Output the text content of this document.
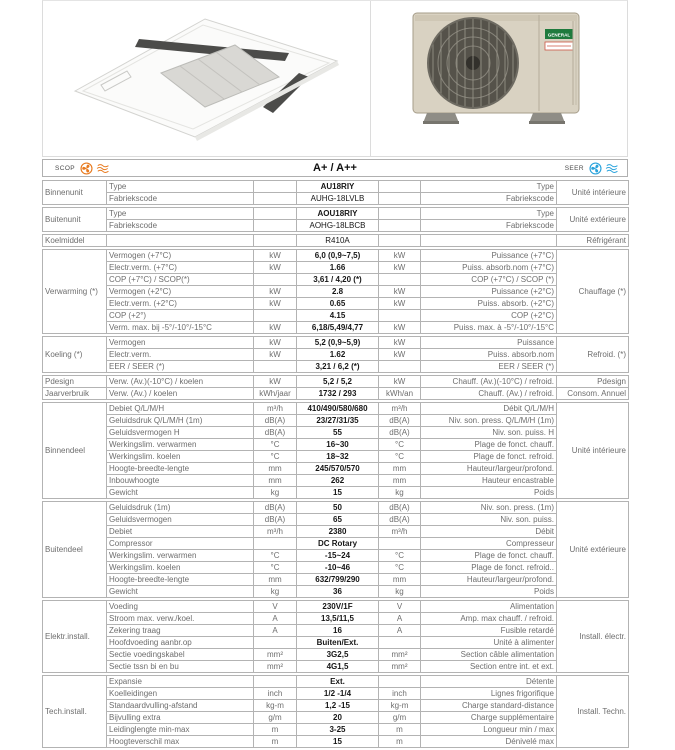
GENERAL
SCOP	A+ / A++	SEER
Binnenunit	Type		AU18RIY		Type	Unité intérieure
	Fabriekscode		AUHG-18LVLB		Fabriekscode	
Buitenunit	Type		AOU18RIY		Type	Unité extérieure
	Fabriekscode		AOHG-18LBCB		Fabriekscode	
Koelmiddel			R410A			Réfrigérant
Verwarming (*)	Vermogen (+7°C)	kW	6,0 (0,9~7,5)	kW	Puissance (+7°C)	Chauffage (*)
	Electr.verm. (+7°C)	kW	1.66	kW	Puiss. absorb.nom (+7°C)	
	COP (+7°C) / SCOP(*)		3,61 / 4,20 (*)		COP (+7°C) / SCOP (*)	
	Vermogen (+2°C)	kW	2.8	kW	Puissance (+2°C)	
	Electr.verm. (+2°C)	kW	0.65	kW	Puiss. absorb. (+2°C)	
	COP (+2°)		4.15		COP (+2°C)	
	Verm. max. bij -5°/-10°/-15°C	kW	6,18/5,49/4,77	kW	Puiss. max. à -5°/-10°/-15°C	
Koeling (*)	Vermogen	kW	5,2 (0,9~5,9)	kW	Puissance	Refroid. (*)
	Electr.verm.	kW	1.62	kW	Puiss. absorb.nom	
	EER / SEER (*)		3,21 / 6,2 (*)		EER / SEER (*)	
Pdesign	Verw. (Av.)(-10°C) / koelen	kW	5,2 / 5,2	kW	Chauff. (Av.)(-10°C) / refroid.	Pdesign
Jaarverbruik	Verw. (Av.) / koelen	kWh/jaar	1732 / 293	kWh/an	Chauff. (Av.) / refroid.	Consom. Annuel
Binnendeel	Debiet Q/L/M/H	m³/h	410/490/580/680	m³/h	Débit Q/L/M/H	Unité intérieure
	Geluidsdruk Q/L/M/H (1m)	dB(A)	23/27/31/35	dB(A)	Niv. son. press. Q/L/M/H (1m)	
	Geluidsvermogen H	dB(A)	55	dB(A)	Niv. son. puiss. H	
	Werkingslim. verwarmen	°C	16~30	°C	Plage de fonct. chauff.	
	Werkingslim. koelen	°C	18~32	°C	Plage de fonct. refroid.	
	Hoogte-breedte-lengte	mm	245/570/570	mm	Hauteur/largeur/profond.	
	Inbouwhoogte	mm	262	mm	Hauteur encastrable	
	Gewicht	kg	15	kg	Poids	
Buitendeel	Geluidsdruk (1m)	dB(A)	50	dB(A)	Niv. son. press. (1m)	Unité extérieure
	Geluidsvermogen	dB(A)	65	dB(A)	Niv. son. puiss.	
	Debiet	m³/h	2380	m³/h	Débit	
	Compressor		DC Rotary		Compresseur	
	Werkingslim. verwarmen	°C	-15~24	°C	Plage de fonct. chauff.	
	Werkingslim. koelen	°C	-10~46	°C	Plage de fonct. refroid..	
	Hoogte-breedte-lengte	mm	632/799/290	mm	Hauteur/largeur/profond.	
	Gewicht	kg	36	kg	Poids	
Elektr.install.	Voeding	V	230V/1F	V	Alimentation	Install. électr.
	Stroom max. verw./koel.	A	13,5/11,5	A	Amp. max chauff. / refroid.	
	Zekering traag	A	16	A	Fusible retardé	
	Hoofdvoeding aanbr.op		Buiten/Ext.		Unité à alimenter	
	Sectie voedingskabel	mm²	3G2,5	mm²	Section câble alimentation	
	Sectie tssn bi en bu	mm²	4G1,5	mm²	Section entre int. et ext.	
Tech.install.	Expansie		Ext.		Détente	Install. Techn.
	Koelleidingen	inch	1/2 -1/4	inch	Lignes frigorifique	
	Standaardvulling-afstand	kg-m	1,2 -15	kg-m	Charge standard-distance	
	Bijvulling extra	g/m	20	g/m	Charge supplémentaire	
	Leidinglengte min-max	m	3-25	m	Longueur min / max	
	Hoogteverschil max	m	15	m	Dénivelé max	
